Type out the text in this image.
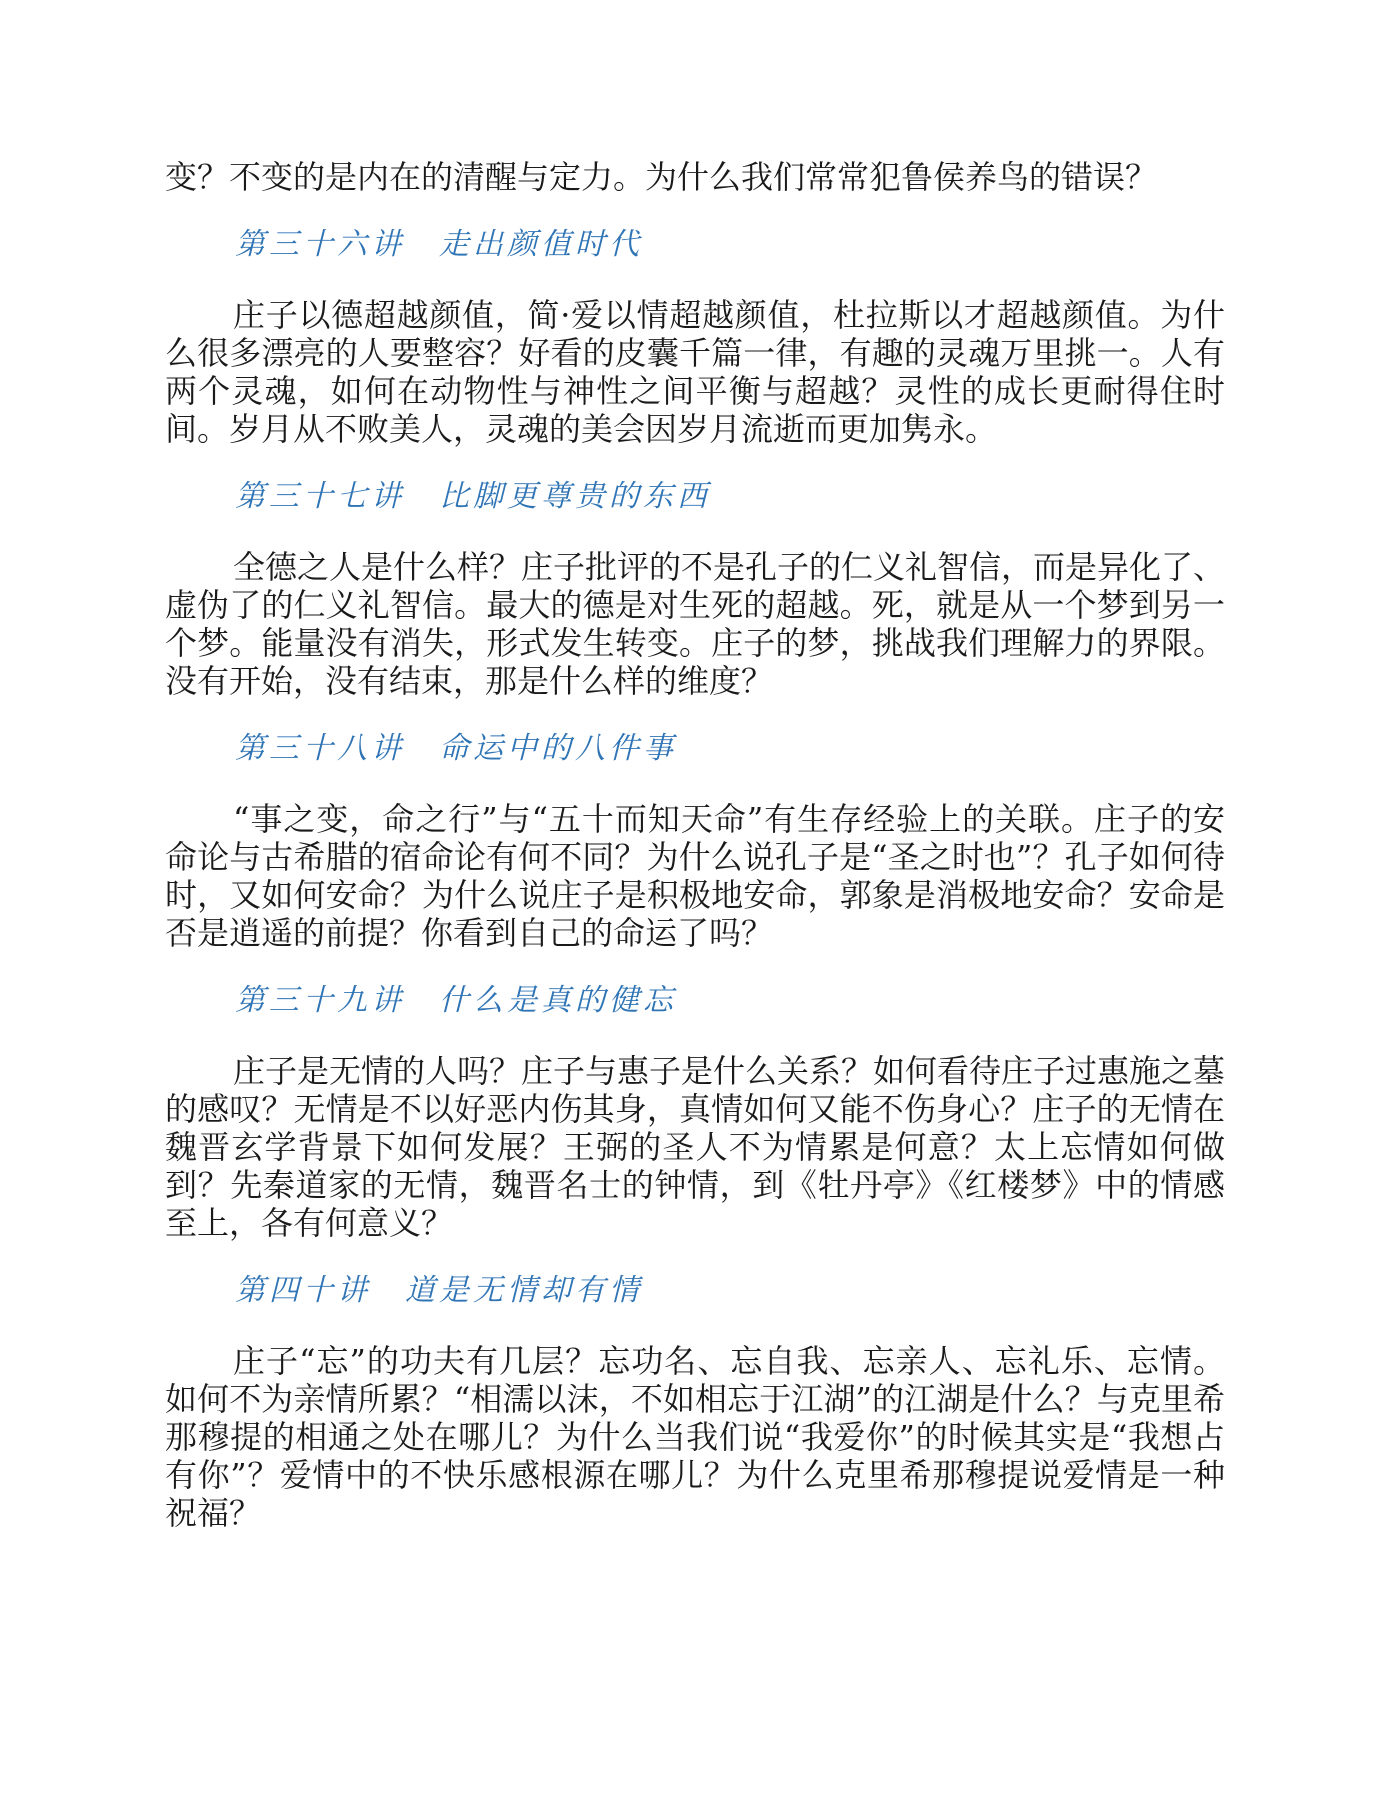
变？不变的是内在的清醒与定力。为什么我们常常犯鲁侯养鸟的错误？

第三十六讲　走出颜值时代

庄子以德超越颜值，简·爱以情超越颜值，杜拉斯以才超越颜值。为什么很多漂亮的人要整容？好看的皮囊千篇一律，有趣的灵魂万里挑一。人有两个灵魂，如何在动物性与神性之间平衡与超越？灵性的成长更耐得住时间。岁月从不败美人，灵魂的美会因岁月流逝而更加隽永。

第三十七讲　比脚更尊贵的东西

全德之人是什么样？庄子批评的不是孔子的仁义礼智信，而是异化了、虚伪了的仁义礼智信。最大的德是对生死的超越。死，就是从一个梦到另一个梦。能量没有消失，形式发生转变。庄子的梦，挑战我们理解力的界限。没有开始，没有结束，那是什么样的维度？

第三十八讲　命运中的八件事

“事之变，命之行”与“五十而知天命”有生存经验上的关联。庄子的安命论与古希腊的宿命论有何不同？为什么说孔子是“圣之时也”？孔子如何待时，又如何安命？为什么说庄子是积极地安命，郭象是消极地安命？安命是否是逍遥的前提？你看到自己的命运了吗？

第三十九讲　什么是真的健忘

庄子是无情的人吗？庄子与惠子是什么关系？如何看待庄子过惠施之墓的感叹？无情是不以好恶内伤其身，真情如何又能不伤身心？庄子的无情在魏晋玄学背景下如何发展？王弼的圣人不为情累是何意？太上忘情如何做到？先秦道家的无情，魏晋名士的钟情，到《牡丹亭》《红楼梦》中的情感至上，各有何意义？

第四十讲　道是无情却有情

庄子“忘”的功夫有几层？忘功名、忘自我、忘亲人、忘礼乐、忘情。如何不为亲情所累？“相濡以沫，不如相忘于江湖”的江湖是什么？与克里希那穆提的相通之处在哪儿？为什么当我们说“我爱你”的时候其实是“我想占有你”？爱情中的不快乐感根源在哪儿？为什么克里希那穆提说爱情是一种祝福？
